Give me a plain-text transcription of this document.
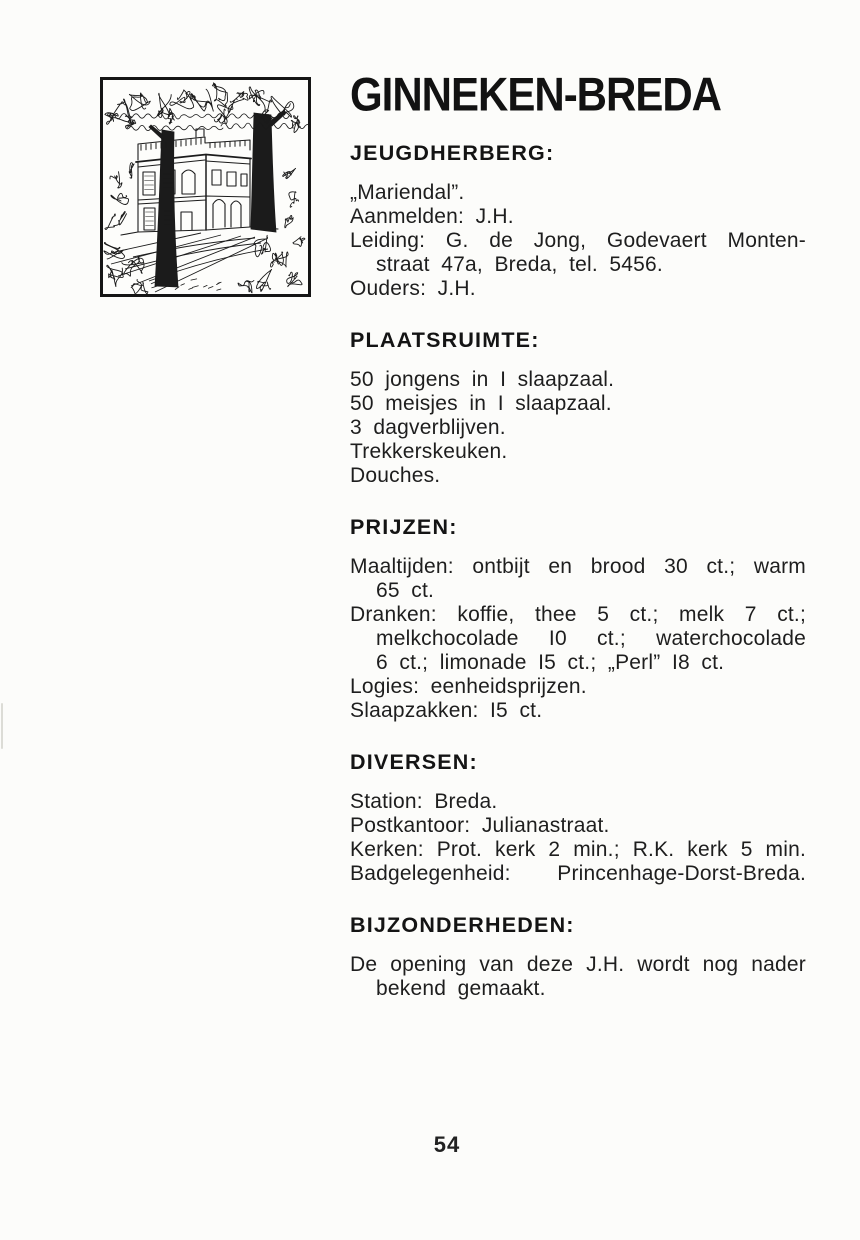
GINNEKEN-BREDA
JEUGDHERBERG:
„Mariendal”.
Aanmelden: J.H.
Leiding: G. de Jong, Godevaert Monten-
straat 47a, Breda, tel. 5456.
Ouders: J.H.
PLAATSRUIMTE:
50 jongens in I slaapzaal.
50 meisjes in I slaapzaal.
3 dagverblijven.
Trekkerskeuken.
Douches.
PRIJZEN:
Maaltijden: ontbijt en brood 30 ct.; warm
65 ct.
Dranken: koffie, thee 5 ct.; melk 7 ct.;
melkchocolade I0 ct.; waterchocolade
6 ct.; limonade I5 ct.; „Perl” I8 ct.
Logies: eenheidsprijzen.
Slaapzakken: I5 ct.
DIVERSEN:
Station: Breda.
Postkantoor: Julianastraat.
Kerken: Prot. kerk 2 min.; R.K. kerk 5 min.
Badgelegenheid: Princenhage-Dorst-Breda.
BIJZONDERHEDEN:
De opening van deze J.H. wordt nog nader
bekend gemaakt.
54
